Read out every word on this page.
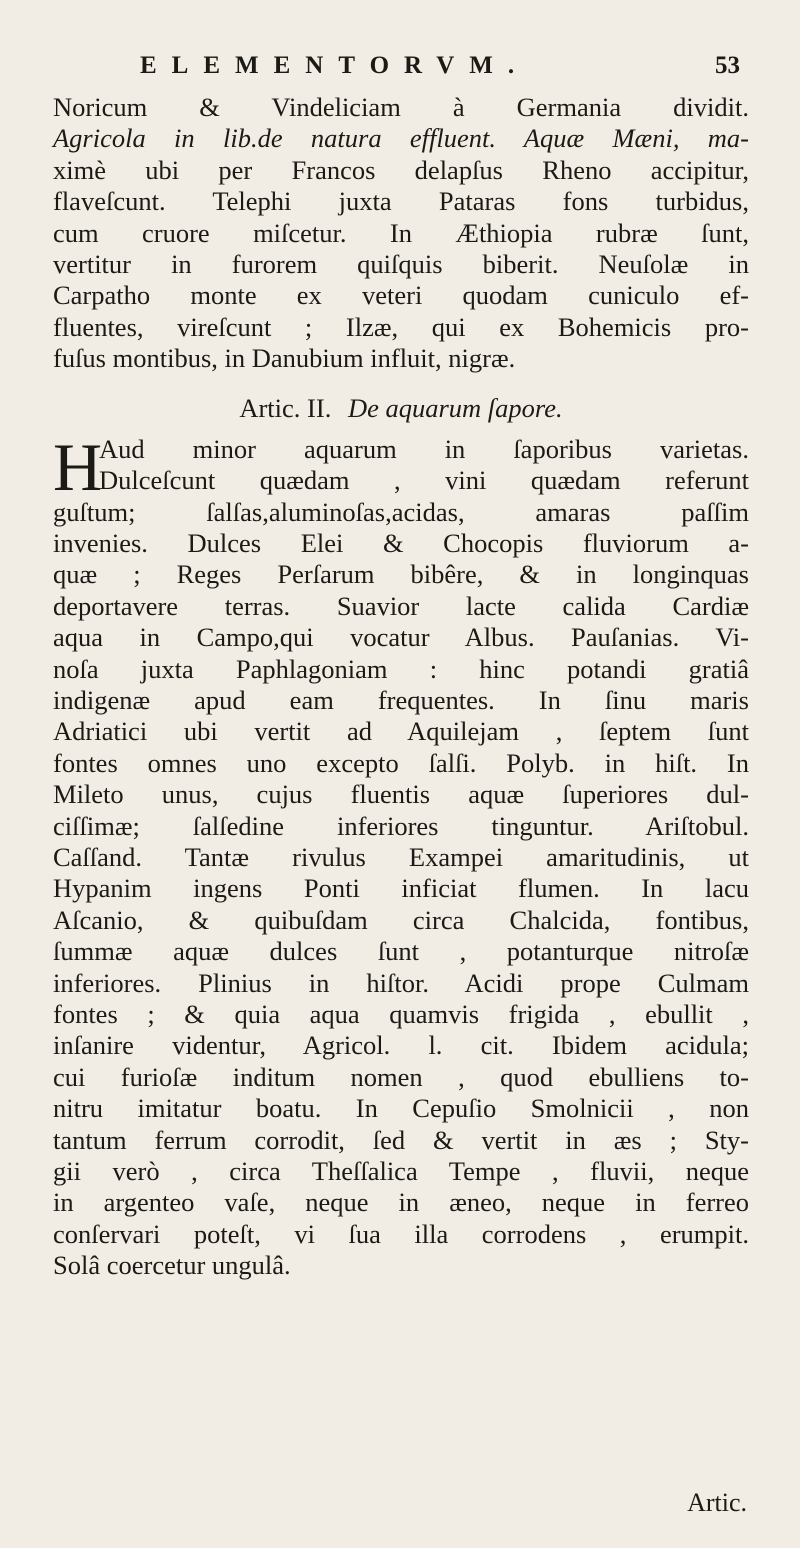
ELEMENTORVM.	53
Noricum & Vindeliciam à Germania dividit.
Agricola in lib.de natura effluent. Aquæ Mæni, ma-
ximè ubi per Francos delapſus Rheno accipitur,
flaveſcunt. Telephi juxta Pataras fons turbidus,
cum cruore miſcetur. In Æthiopia rubræ ſunt,
vertitur in furorem quiſquis biberit. Neuſolæ in
Carpatho monte ex veteri quodam cuniculo ef-
fluentes, vireſcunt ; Ilzæ, qui ex Bohemicis pro-
fuſus montibus, in Danubium influit, nigræ.
Artic. II. De aquarum ſapore.
H
Aud minor aquarum in ſaporibus varietas.
Dulceſcunt quædam , vini quædam referunt
guſtum; ſalſas,aluminoſas,acidas, amaras paſſim
invenies. Dulces Elei & Chocopis fluviorum a-
quæ ; Reges Perſarum bibêre, & in longinquas
deportavere terras. Suavior lacte calida Cardiæ
aqua in Campo,qui vocatur Albus. Pauſanias. Vi-
noſa juxta Paphlagoniam : hinc potandi gratiâ
indigenæ apud eam frequentes. In ſinu maris
Adriatici ubi vertit ad Aquilejam , ſeptem ſunt
fontes omnes uno excepto ſalſi. Polyb. in hiſt. In
Mileto unus, cujus fluentis aquæ ſuperiores dul-
ciſſimæ; ſalſedine inferiores tinguntur. Ariſtobul.
Caſſand. Tantæ rivulus Exampei amaritudinis, ut
Hypanim ingens Ponti inficiat flumen. In lacu
Aſcanio, & quibuſdam circa Chalcida, fontibus,
ſummæ aquæ dulces ſunt , potanturque nitroſæ
inferiores. Plinius in hiſtor. Acidi prope Culmam
fontes ; & quia aqua quamvis frigida , ebullit ,
inſanire videntur, Agricol. l. cit. Ibidem acidula;
cui furioſæ inditum nomen , quod ebulliens to-
nitru imitatur boatu. In Cepuſio Smolnicii , non
tantum ferrum corrodit, ſed & vertit in æs ; Sty-
gii verò , circa Theſſalica Tempe , fluvii, neque
in argenteo vaſe, neque in æneo, neque in ferreo
conſervari poteſt, vi ſua illa corrodens , erumpit.
Solâ coercetur ungulâ.
Artic.
